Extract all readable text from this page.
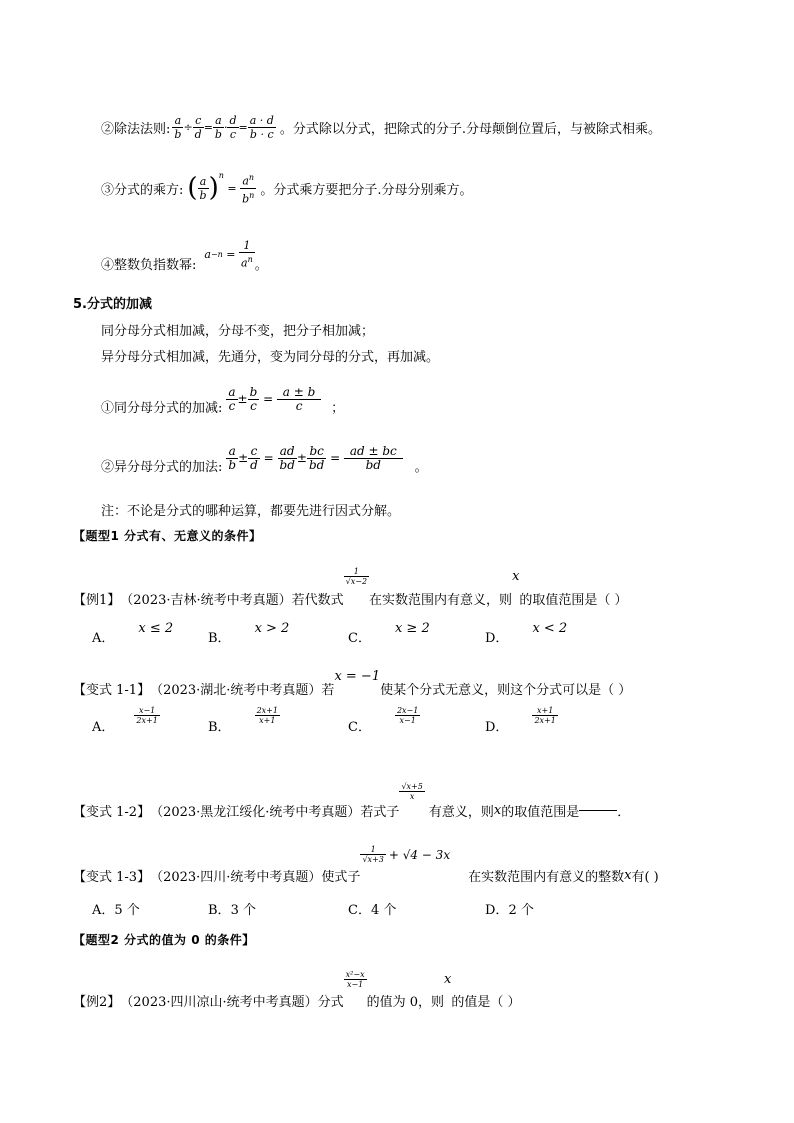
②除法法则: $\frac{a}{b} \div \frac{c}{d} = \frac{a}{b} \cdot \frac{d}{c} = \frac{a \cdot d}{b \cdot c}$ 。分式除以分式，把除式的分子.分母颠倒位置后，与被除式相乘。
③分式的乘方: ( $\frac{a}{b} )^n$
= $\frac{a^n}{b^n}$ 。分式乘方要把分子.分母分别乘方。
④整数负指数幂:
$a -n = \frac{1}{a^n}$ 。
5.分式的加减
同分母分式相加减，分母不变，把分子相加减；
异分母分式相加减，先通分，变为同分母的分式，再加减。
①同分母分式的加减: $\frac{a}{c} \pm \frac{b}{c} = \frac{a \pm b}{c}$ ；
②异分母分式的加法: $\frac{a}{b} \pm \frac{c}{d} = \frac{ad}{bd} \pm \frac{bc}{bd} = \frac{ad \pm bc}{bd}$ 。
注：不论是分式的哪种运算，都要先进行因式分解。
【题型1 分式有、无意义的条件】
【例1】 （2023·吉林·统考中考真题）若代数式
$\frac{1}{√x-2}$
在实数范围内有意义，则
x
的取值范围是（ ）
A．x ≤ 2
B．x > 2
C．x ≥ 2
D．x < 2
【变式 1-1】 （2023·湖北·统考中考真题）若
x = −1
使某个分式无意义，则这个分式可以是（ ）
A．
$\frac{x-1}{2x+1}$
B．
$\frac{2x+1}{x+1}$
C．
$\frac{2x-1}{x-1}$
D．
$\frac{x+1}{2x+1}$
【变式 1-2】 （2023·黑龙江绥化·统考中考真题）若式子
$\frac{√x+5}{x}$
有意义，则 x 的取值范围是	．
【变式 1-3】 （2023·四川·统考中考真题）使式子
$\frac{1}{√x+3} + √4 - 3x$
在实数范围内有意义的整数 x 有( )
A．5 个	B．3 个	C．4 个	D．2 个
【题型2 分式的值为 0 的条件】
【例2】 （2023·四川凉山·统考中考真题）分式
$\frac{\text{x²−x}}{x-1}$
的值为 0，则
x
的值是（ ）
